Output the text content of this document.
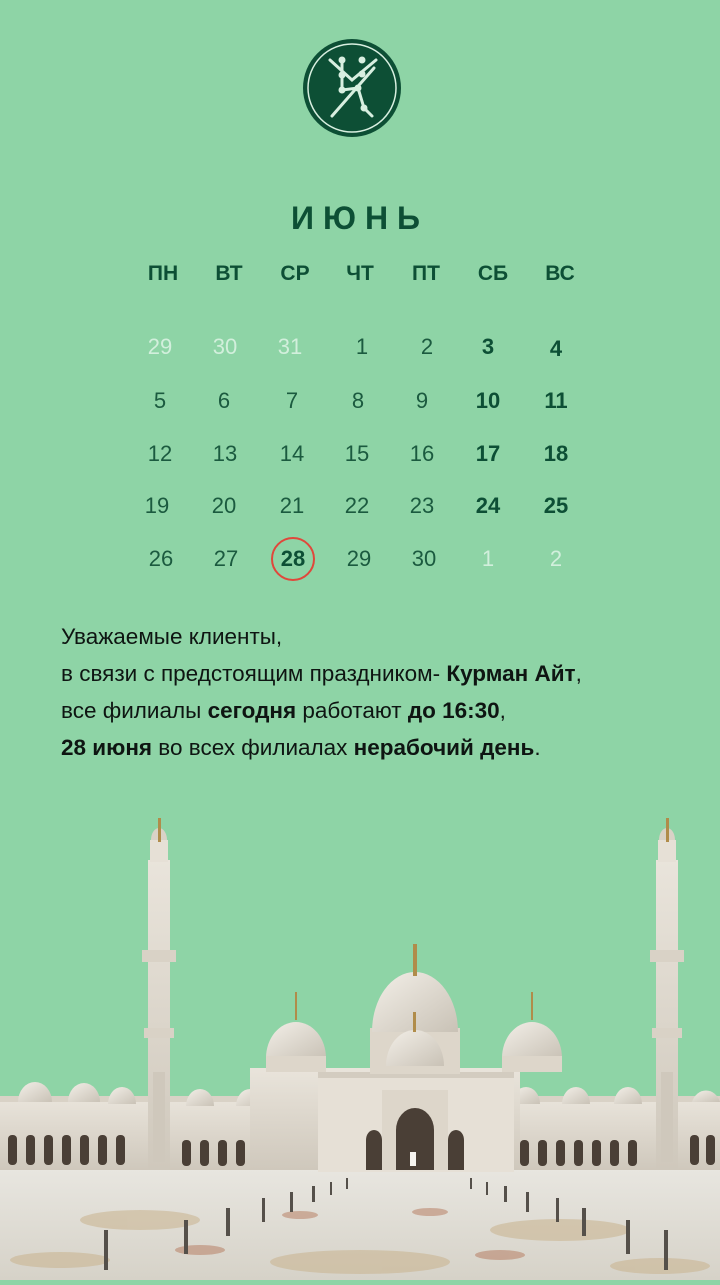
ИЮНЬ
ПН	ВТ	СР	ЧТ	ПТ	СБ	ВС
29	30	31	1	2	3	4
5	6	7	8	9	10	11
12	13	14	15	16	17	18
19	20	21	22	23	24	25
26	27	28	29	30	1	2
Уважаемые клиенты,
в связи с предстоящим праздником- Курман Айт,
все филиалы сегодня работают до 16:30,
28 июня во всех филиалах нерабочий день.
